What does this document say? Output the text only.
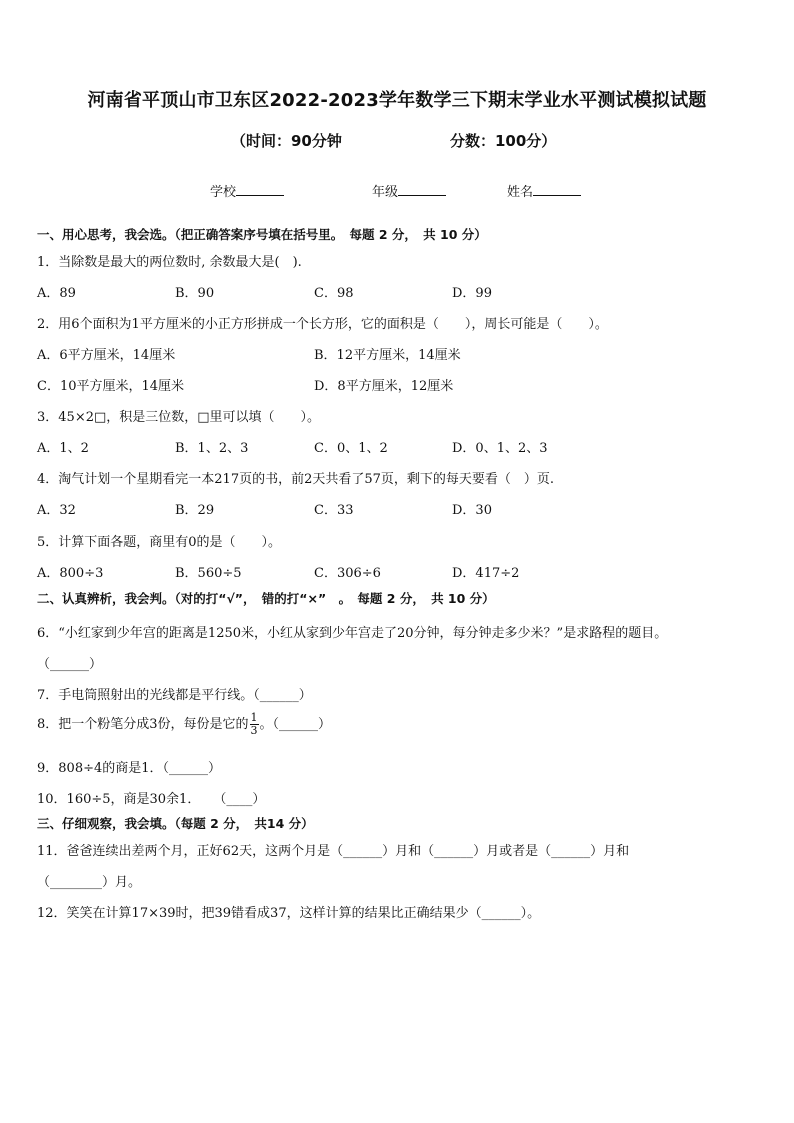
河南省平顶山市卫东区2022-2023学年数学三下期末学业水平测试模拟试题
（时间：90分钟	分数：100分）
学校	年级	姓名
一、用心思考，我会选。（把正确答案序号填在括号里。　每题 2 分，　共 10 分）
1．当除数是最大的两位数时, 余数最大是(　).
A．89	B．90	C．98	D．99
2．用6个面积为1平方厘米的小正方形拼成一个长方形，它的面积是（　　），周长可能是（　　）。
A．6平方厘米，14厘米	B．12平方厘米，14厘米
C．10平方厘米，14厘米	D．8平方厘米，12厘米
3．45×2□，积是三位数，□里可以填（　　）。
A．1、2	B．1、2、3	C．0、1、2	D．0、1、2、3
4．淘气计划一个星期看完一本217页的书，前2天共看了57页，剩下的每天要看（　）页.
A．32	B．29	C．33	D．30
5．计算下面各题，商里有0的是（　　）。
A．800÷3	B．560÷5	C．306÷6	D．417÷2
二、认真辨析，我会判。（对的打“√”，　错的打“×”　。　每题 2 分，　共 10 分）
6．“小红家到少年宫的距离是1250米，小红从家到少年宫走了20分钟，每分钟走多少米？”是求路程的题目。
（______）
7．手电筒照射出的光线都是平行线。（______）
8．把一个粉笔分成3份，每份是它的 $\frac{1}{3}$ 。（______）
9．808÷4的商是1．（______）
10．160÷5，商是30余1．　　（____）
三、仔细观察，我会填。（每题 2 分，　共14 分）
11．爸爸连续出差两个月，正好62天，这两个月是（______）月和（______）月或者是（______）月和
（________）月。
12．笑笑在计算17×39时，把39错看成37，这样计算的结果比正确结果少（______）。
